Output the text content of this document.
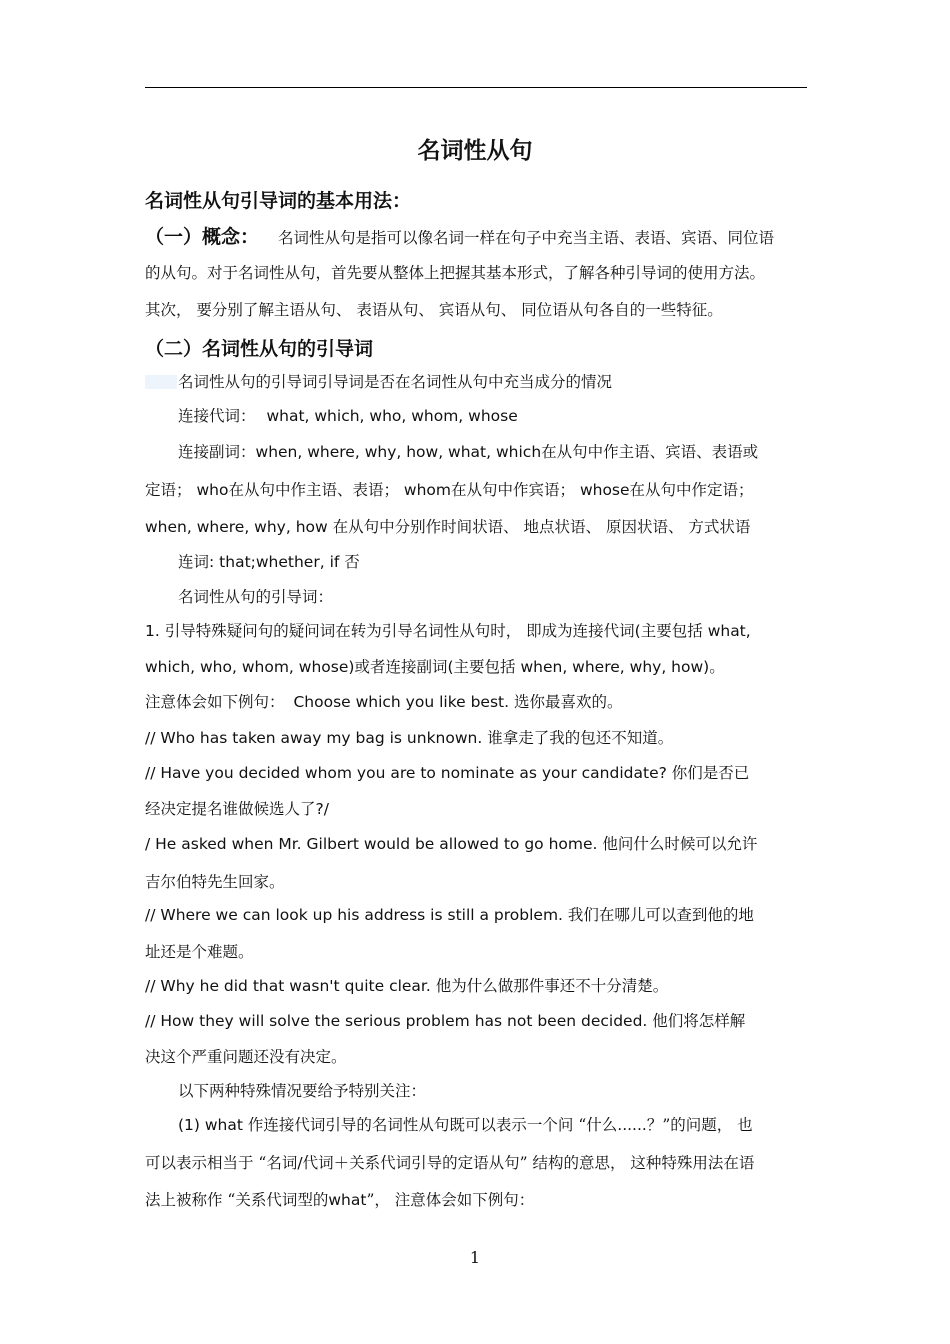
名词性从句
名词性从句引导词的基本用法：
（一）概念： 名词性从句是指可以像名词一样在句子中充当主语、表语、宾语、同位语
的从句。对于名词性从句，首先要从整体上把握其基本形式，了解各种引导词的使用方法。
其次， 要分别了解主语从句、 表语从句、 宾语从句、 同位语从句各自的一些特征。
（二）名词性从句的引导词
名词性从句的引导词引导词是否在名词性从句中充当成分的情况
连接代词： what, which, who, whom, whose
连接副词：when, where, why, how, what, which在从句中作主语、宾语、表语或
定语； who在从句中作主语、表语； whom在从句中作宾语； whose在从句中作定语；
when, where, why, how 在从句中分别作时间状语、 地点状语、 原因状语、 方式状语
连词: that;whether, if 否
名词性从句的引导词：
1. 引导特殊疑问句的疑问词在转为引导名词性从句时， 即成为连接代词(主要包括 what,
which, who, whom, whose)或者连接副词(主要包括 when, where, why, how)。
注意体会如下例句： Choose which you like best. 选你最喜欢的。
// Who has taken away my bag is unknown. 谁拿走了我的包还不知道。
// Have you decided whom you are to nominate as your candidate? 你们是否已
经决定提名谁做候选人了?/
/ He asked when Mr. Gilbert would be allowed to go home. 他问什么时候可以允许
吉尔伯特先生回家。
// Where we can look up his address is still a problem. 我们在哪儿可以查到他的地
址还是个难题。
// Why he did that wasn't quite clear. 他为什么做那件事还不十分清楚。
// How they will solve the serious problem has not been decided. 他们将怎样解
决这个严重问题还没有决定。
以下两种特殊情况要给予特别关注：
(1) what 作连接代词引导的名词性从句既可以表示一个问 “什么......？”的问题， 也
可以表示相当于 “名词/代词＋关系代词引导的定语从句” 结构的意思， 这种特殊用法在语
法上被称作 “关系代词型的what”， 注意体会如下例句：
1
